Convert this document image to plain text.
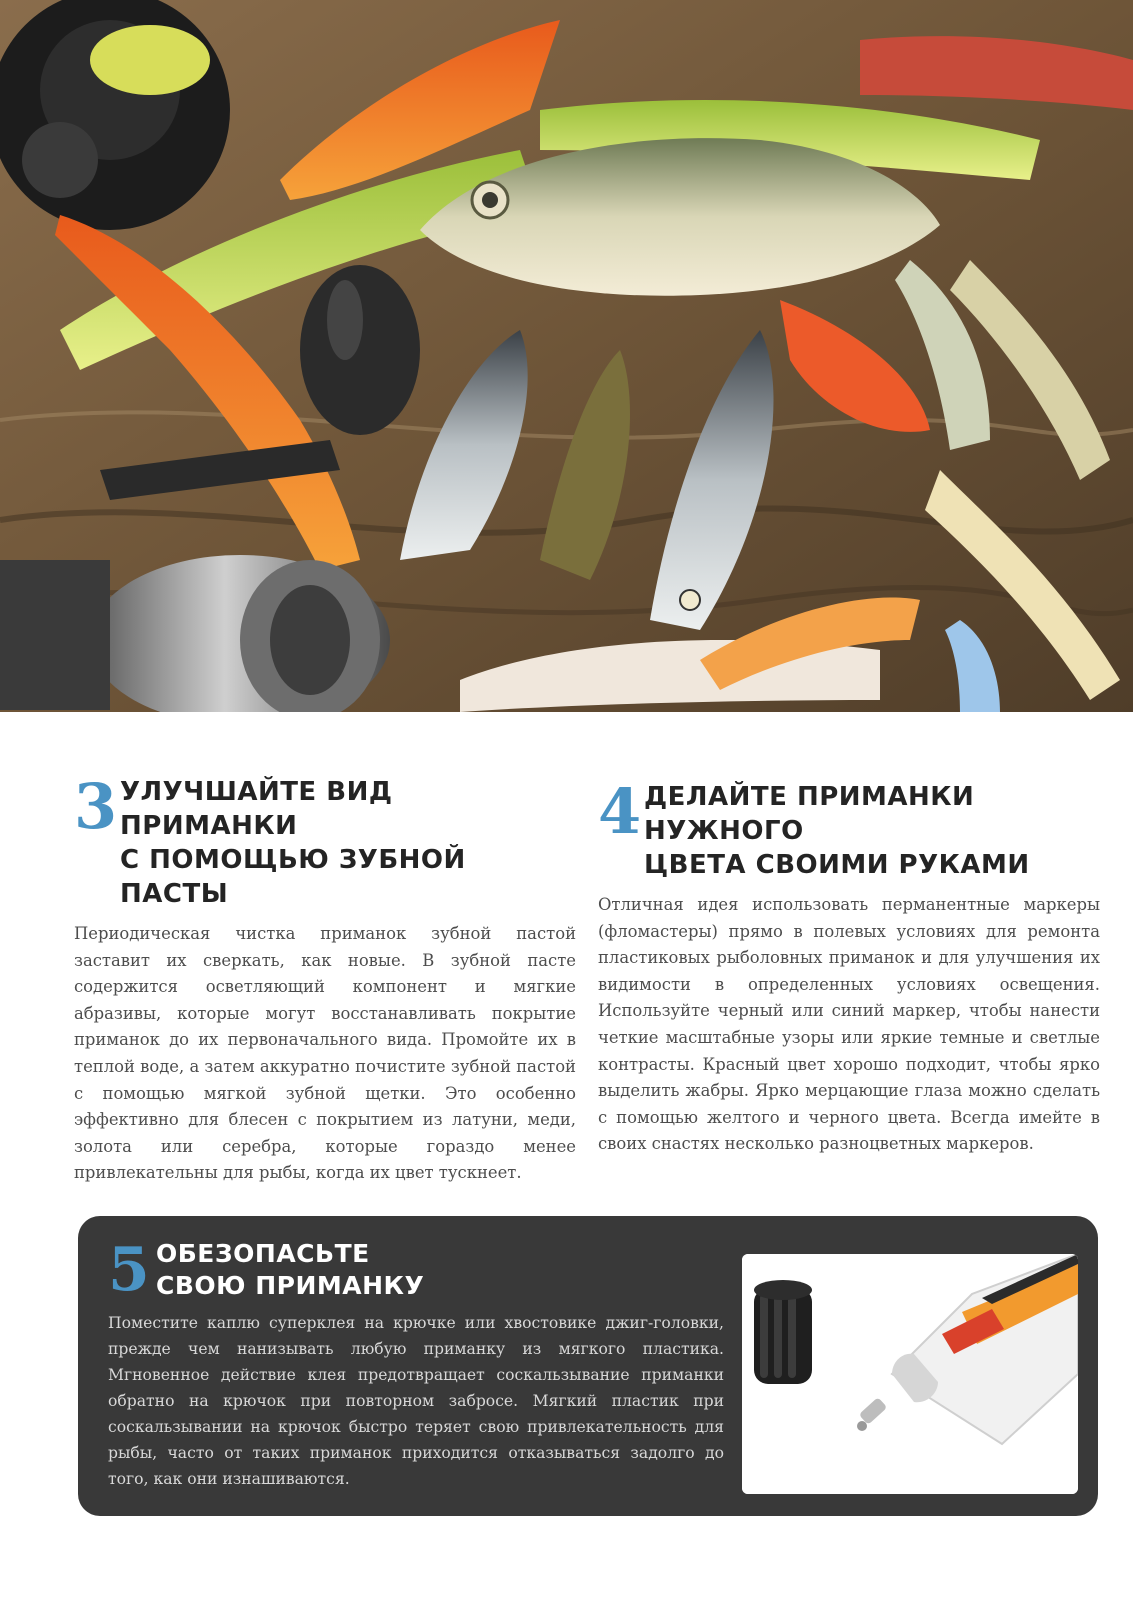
3 УЛУЧШАЙТЕ ВИД ПРИМАНКИ
С ПОМОЩЬЮ ЗУБНОЙ ПАСТЫ

Периодическая чистка приманок зубной пастой заставит их сверкать, как новые. В зубной пасте содержится осветляющий компонент и мягкие абразивы, которые могут восстанавливать покрытие приманок до их первоначального вида. Промойте их в теплой воде, а затем аккуратно почистите зубной пастой с помощью мягкой зубной щетки. Это особенно эффективно для блесен с покрытием из латуни, меди, золота или серебра, которые гораздо менее привлекательны для рыбы, когда их цвет тускнеет.

4 ДЕЛАЙТЕ ПРИМАНКИ НУЖНОГО
ЦВЕТА СВОИМИ РУКАМИ

Отличная идея использовать перманентные маркеры (фломастеры) прямо в полевых условиях для ремонта пластиковых рыболовных приманок и для улучшения их видимости в определенных условиях освещения. Используйте черный или синий маркер, чтобы нанести четкие масштабные узоры или яркие темные и светлые контрасты. Красный цвет хорошо подходит, чтобы ярко выделить жабры. Ярко мерцающие глаза можно сделать с помощью желтого и черного цвета. Всегда имейте в своих снастях несколько разноцветных маркеров.

5 ОБЕЗОПАСЬТЕ
СВОЮ ПРИМАНКУ

Поместите каплю суперклея на крючке или хвостовике джиг-головки, прежде чем нанизывать любую приманку из мягкого пластика. Мгновенное действие клея предотвращает соскальзывание приманки обратно на крючок при повторном забросе. Мягкий пластик при соскальзывании на крючок быстро теряет свою привлекательность для рыбы, часто от таких приманок приходится отказываться задолго до того, как они изнашиваются.
